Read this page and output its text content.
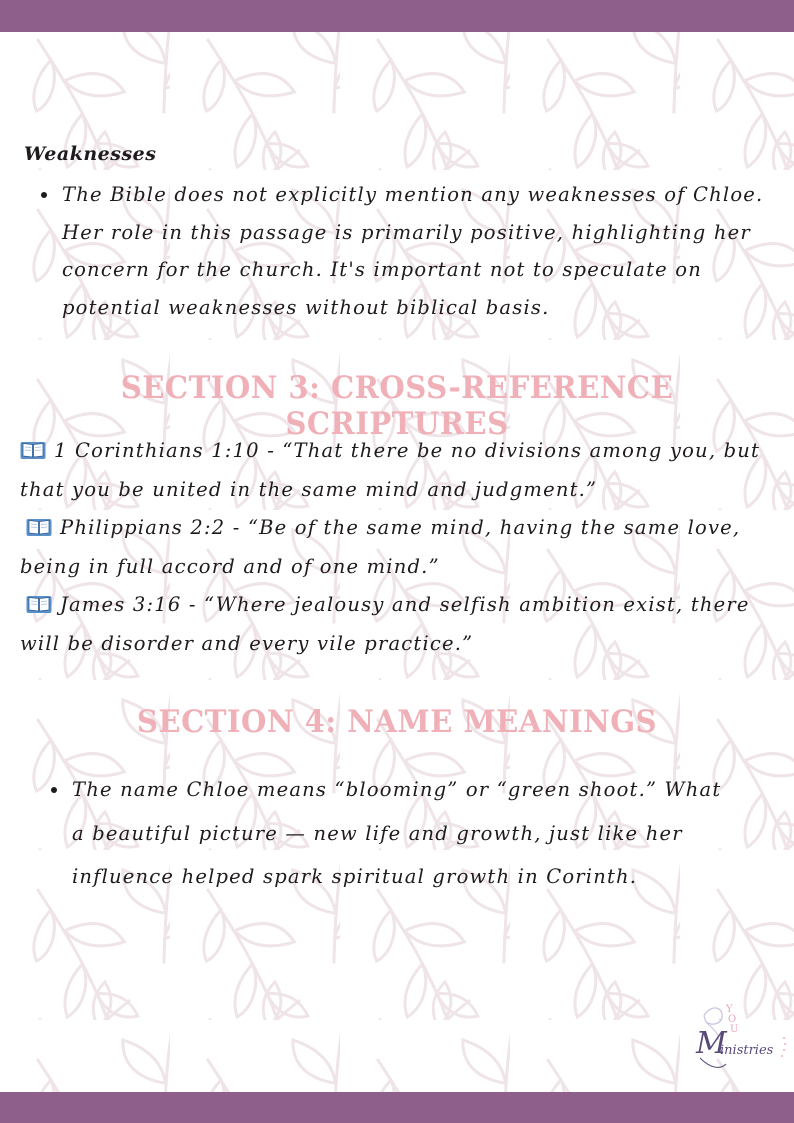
Weaknesses
The Bible does not explicitly mention any weaknesses of Chloe.
Her role in this passage is primarily positive, highlighting her
concern for the church. It's important not to speculate on
potential weaknesses without biblical basis.
SECTION 3: CROSS-REFERENCE SCRIPTURES
1 Corinthians 1:10 - “That there be no divisions among you, but
that you be united in the same mind and judgment.”
Philippians 2:2 - “Be of the same mind, having the same love,
being in full accord and of one mind.”
James 3:16 - “Where jealousy and selfish ambition exist, there
will be disorder and every vile practice.”
SECTION 4: NAME MEANINGS
The name Chloe means “blooming” or “green shoot.” What
a beautiful picture — new life and growth, just like her
influence helped spark spiritual growth in Corinth.
Y
O
U
M
inistries
